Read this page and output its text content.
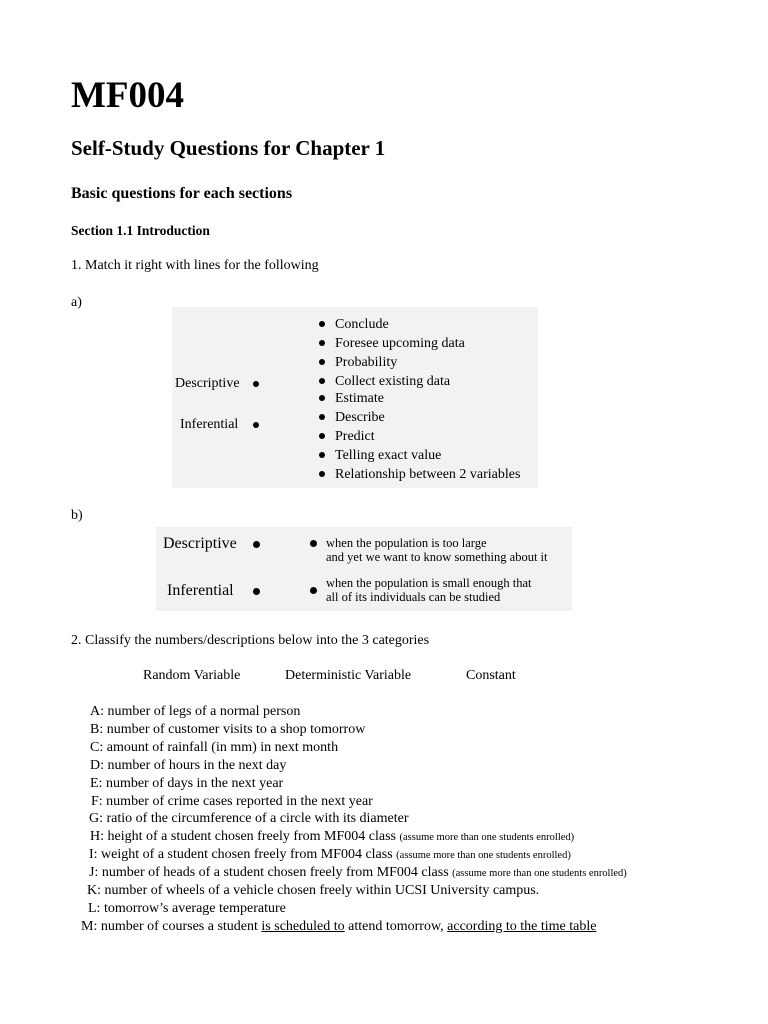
MF004
Self-Study Questions for Chapter 1
Basic questions for each sections
Section 1.1 Introduction
1. Match it right with lines for the following
a)
Descriptive
Inferential
Conclude
Foresee upcoming data
Probability
Collect existing data
Estimate
Describe
Predict
Telling exact value
Relationship between 2 variables
b)
Descriptive
Inferential
when the population is too large
and yet we want to know something about it
when the population is small enough that
all of its individuals can be studied
2. Classify the numbers/descriptions below into the 3 categories
Random Variable	Deterministic Variable	Constant
A: number of legs of a normal person
B: number of customer visits to a shop tomorrow
C: amount of rainfall (in mm) in next month
D: number of hours in the next day
E: number of days in the next year
F: number of crime cases reported in the next year
G: ratio of the circumference of a circle with its diameter
H: height of a student chosen freely from MF004 class (assume more than one students enrolled)
I: weight of a student chosen freely from MF004 class (assume more than one students enrolled)
J: number of heads of a student chosen freely from MF004 class (assume more than one students enrolled)
K: number of wheels of a vehicle chosen freely within UCSI University campus.
L: tomorrow’s average temperature
M: number of courses a student is scheduled to attend tomorrow, according to the time table
